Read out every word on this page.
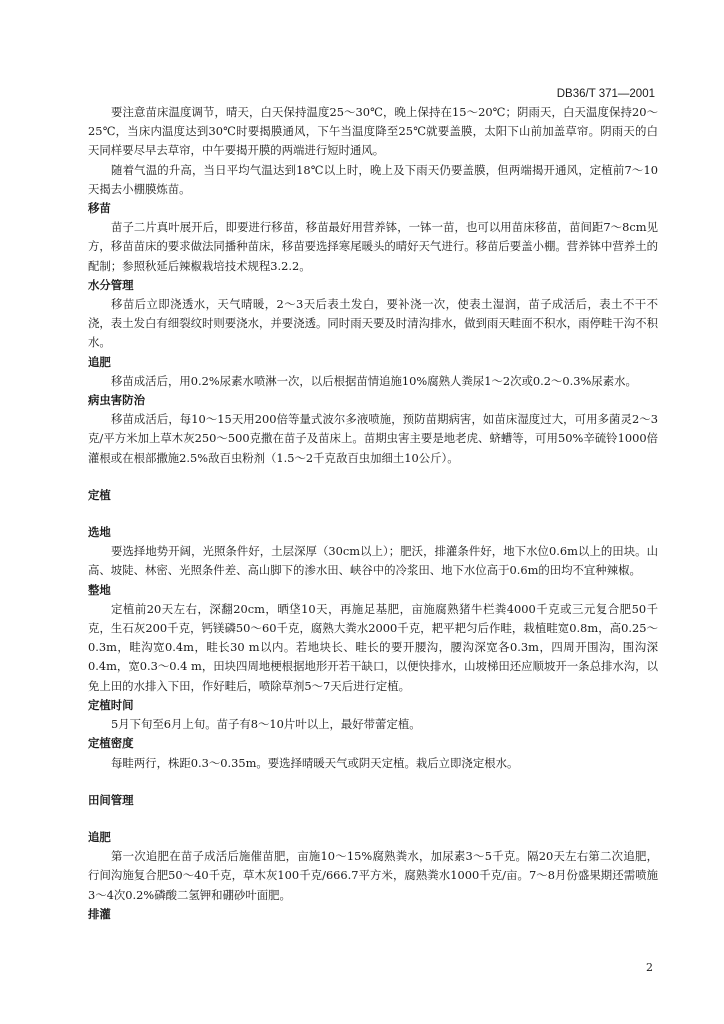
DB36/T 371—2001

要注意苗床温度调节，晴天，白天保持温度25～30℃，晚上保持在15～20℃；阴雨天，白天温度保持20～25℃，当床内温度达到30℃时要揭膜通风，下午当温度降至25℃就要盖膜，太阳下山前加盖草帘。阴雨天的白天同样要尽早去草帘，中午要揭开膜的两端进行短时通风。

随着气温的升高，当日平均气温达到18℃以上时，晚上及下雨天仍要盖膜，但两端揭开通风，定植前7～10天揭去小棚膜炼苗。

移苗

苗子二片真叶展开后，即要进行移苗，移苗最好用营养钵，一钵一苗，也可以用苗床移苗，苗间距7～8cm见方，移苗苗床的要求做法同播种苗床，移苗要选择寒尾暖头的晴好天气进行。移苗后要盖小棚。营养钵中营养土的配制；参照秋延后辣椒栽培技术规程3.2.2。

水分管理

移苗后立即浇透水，天气晴暖，2～3天后表土发白，要补浇一次，使表土湿润，苗子成活后，表土不干不浇，表土发白有细裂纹时则要浇水，并要浇透。同时雨天要及时清沟排水，做到雨天畦面不积水，雨停畦干沟不积水。

追肥

移苗成活后，用0.2%尿素水喷淋一次，以后根据苗情追施10%腐熟人粪尿1～2次或0.2～0.3%尿素水。

病虫害防治

移苗成活后，每10～15天用200倍等量式波尔多液喷施，预防苗期病害，如苗床湿度过大，可用多菌灵2～3克/平方米加上草木灰250～500克撒在苗子及苗床上。苗期虫害主要是地老虎、蛴螬等，可用50%辛硫铃1000倍灌根或在根部撒施2.5%敌百虫粉剂（1.5～2千克敌百虫加细土10公斤）。

定植

选地

要选择地势开阔，光照条件好，土层深厚（30cm以上）；肥沃，排灌条件好，地下水位0.6m以上的田块。山高、坡陡、林密、光照条件差、高山脚下的渗水田、峡谷中的冷浆田、地下水位高于0.6m的田均不宜种辣椒。

整地

定植前20天左右，深翻20cm，晒垡10天，再施足基肥，亩施腐熟猪牛栏粪4000千克或三元复合肥50千克，生石灰200千克，钙镁磷50～60千克，腐熟大粪水2000千克，耙平耙匀后作畦，栽植畦宽0.8m，高0.25～0.3m，畦沟宽0.4m，畦长30 m以内。若地块长、畦长的要开腰沟，腰沟深宽各0.3m，四周开围沟，围沟深0.4m，宽0.3～0.4 m，田块四周地梗根据地形开若干缺口，以便快排水，山坡梯田还应顺坡开一条总排水沟，以免上田的水排入下田，作好畦后，喷除草剂5～7天后进行定植。

定植时间

5月下旬至6月上旬。苗子有8～10片叶以上，最好带蕾定植。

定植密度

每畦两行，株距0.3～0.35m。要选择晴暖天气或阴天定植。栽后立即浇定根水。

田间管理

追肥

第一次追肥在苗子成活后施催苗肥，亩施10～15%腐熟粪水，加尿素3～5千克。隔20天左右第二次追肥，行间沟施复合肥50～40千克，草木灰100千克/666.7平方米，腐熟粪水1000千克/亩。7～8月份盛果期还需喷施3～4次0.2%磷酸二氢钾和硼砂叶面肥。

排灌

2
